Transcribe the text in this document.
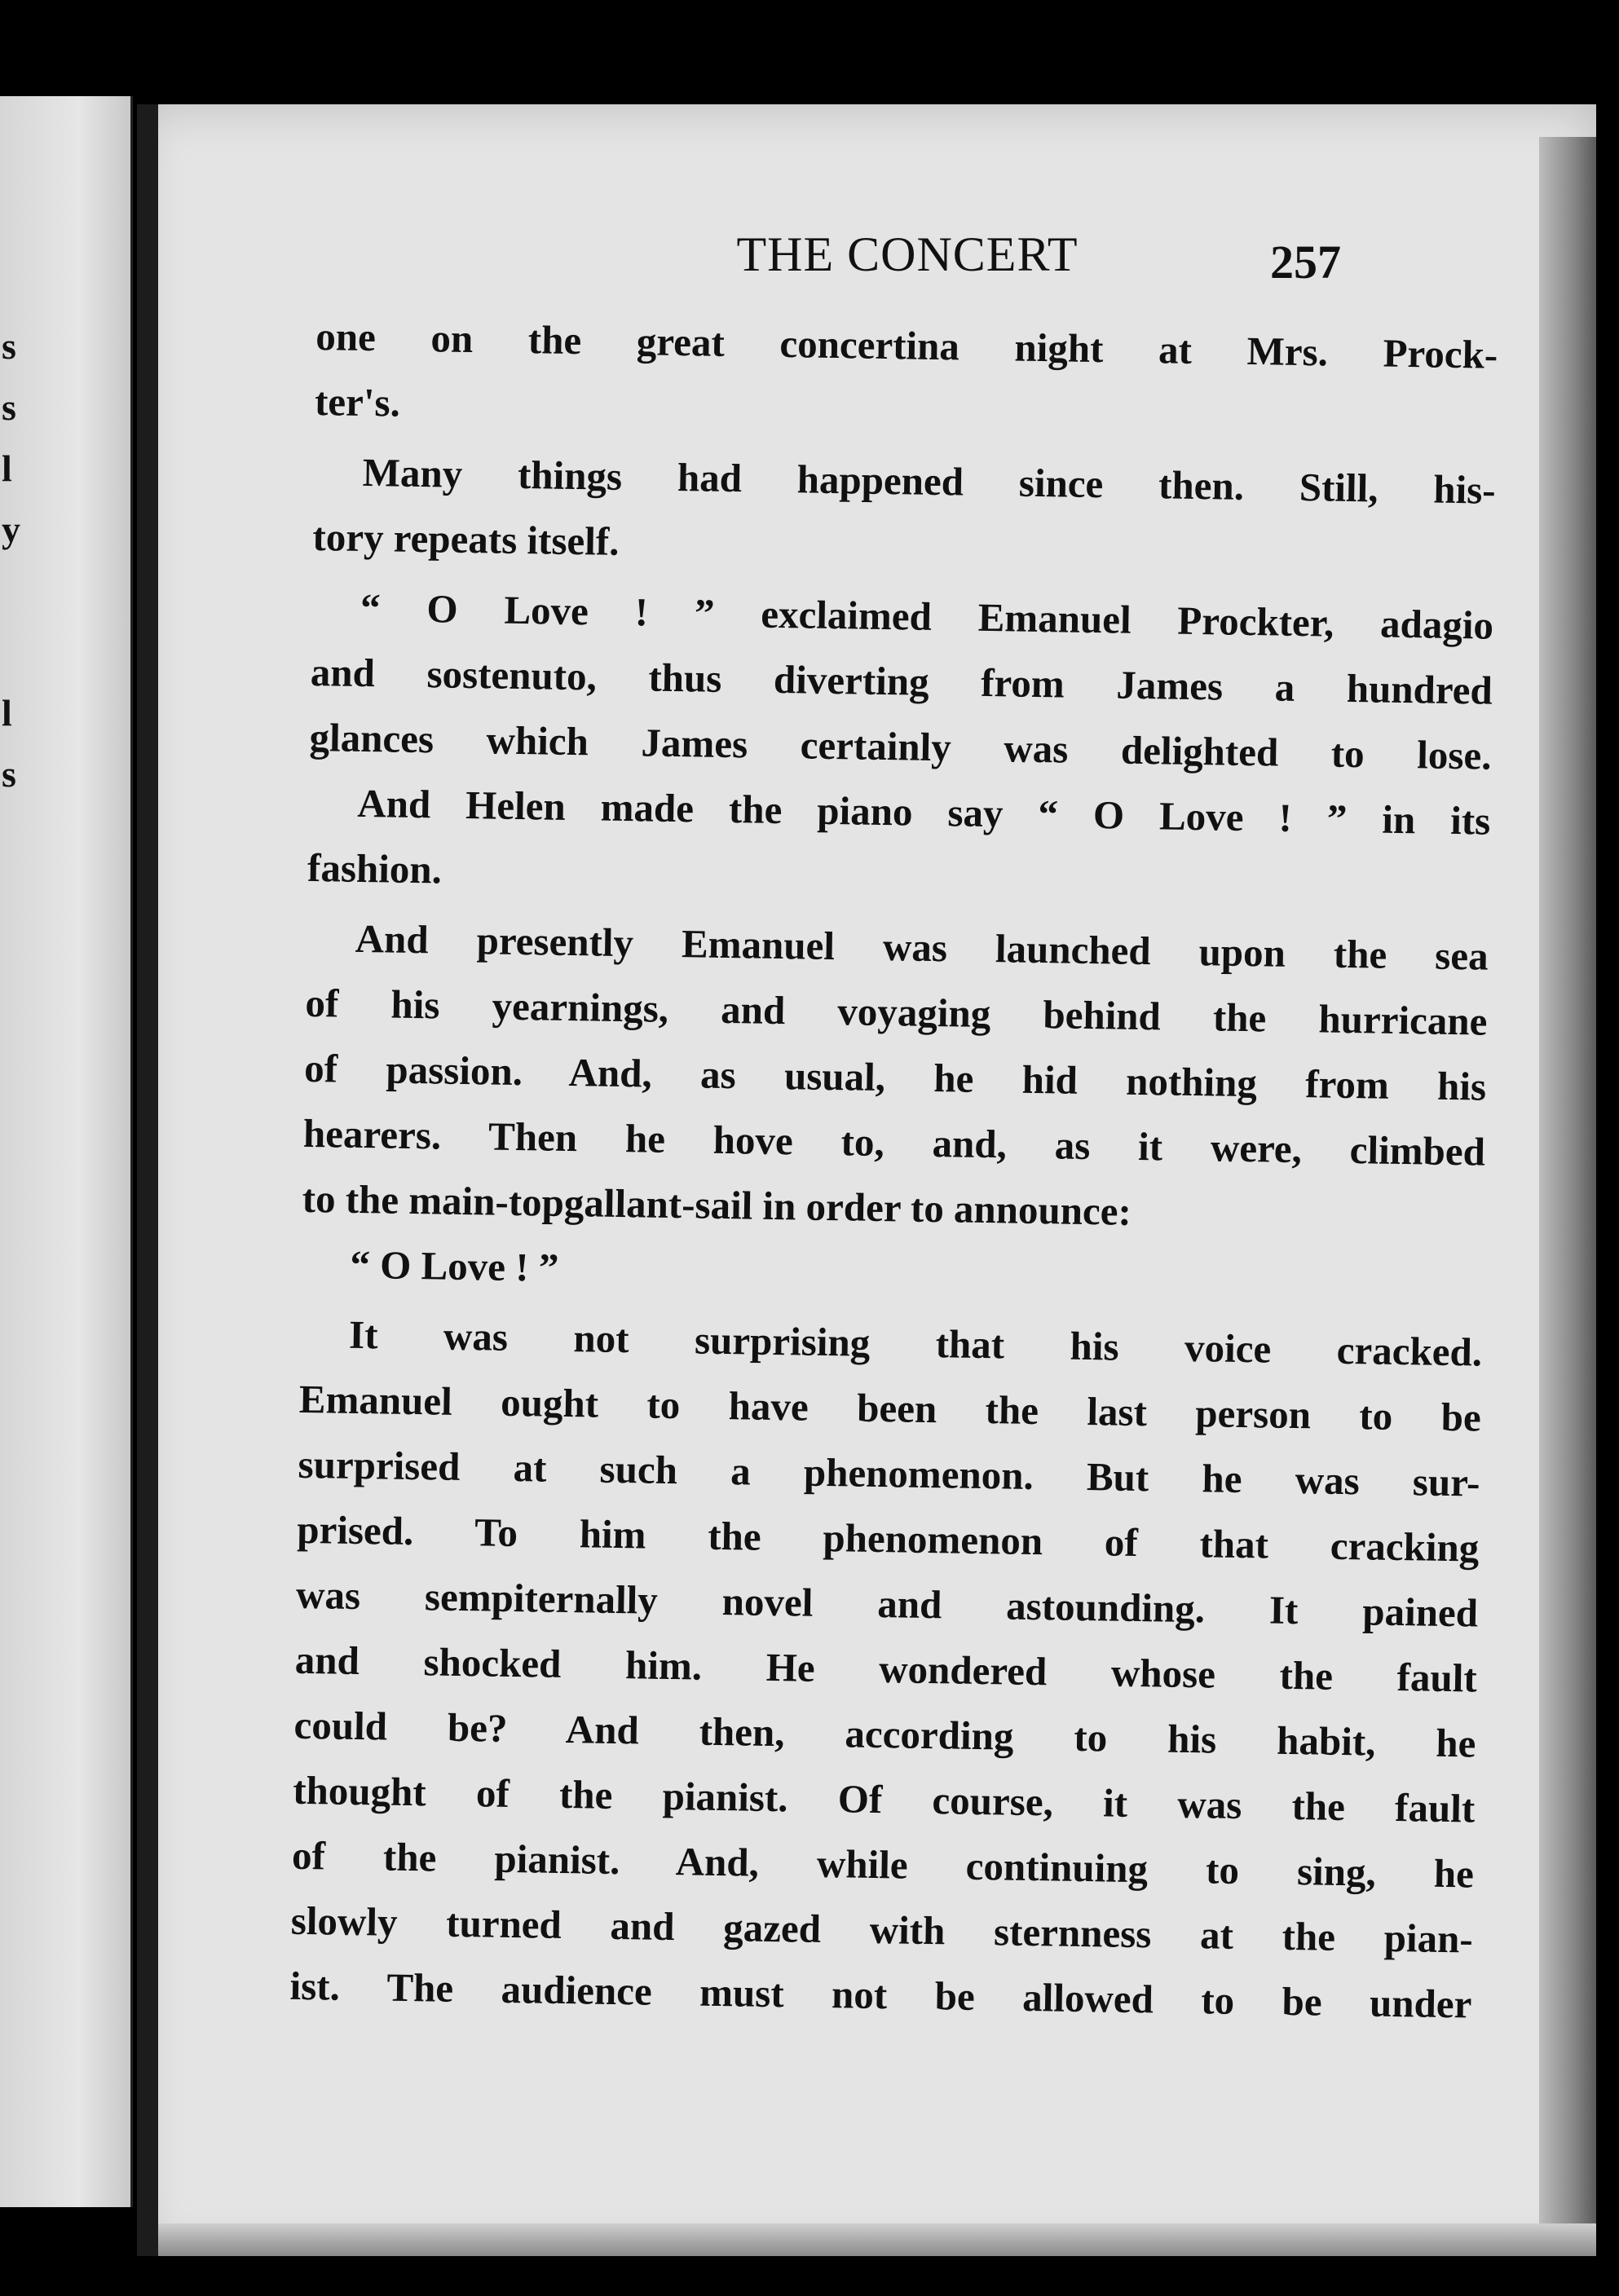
s
s
l
y
l
s
THE CONCERT	257
one on the great concertina night at Mrs. Prock-
ter's.
Many things had happened since then. Still, his-
tory repeats itself.
“ O Love ! ” exclaimed Emanuel Prockter, adagio
and sostenuto, thus diverting from James a hundred
glances which James certainly was delighted to lose.
And Helen made the piano say “ O Love ! ” in its
fashion.
And presently Emanuel was launched upon the sea
of his yearnings, and voyaging behind the hurricane
of passion. And, as usual, he hid nothing from his
hearers. Then he hove to, and, as it were, climbed
to the main-topgallant-sail in order to announce:
“ O Love ! ”
It was not surprising that his voice cracked.
Emanuel ought to have been the last person to be
surprised at such a phenomenon. But he was sur-
prised. To him the phenomenon of that cracking
was sempiternally novel and astounding. It pained
and shocked him. He wondered whose the fault
could be? And then, according to his habit, he
thought of the pianist. Of course, it was the fault
of the pianist. And, while continuing to sing, he
slowly turned and gazed with sternness at the pian-
ist. The audience must not be allowed to be under
